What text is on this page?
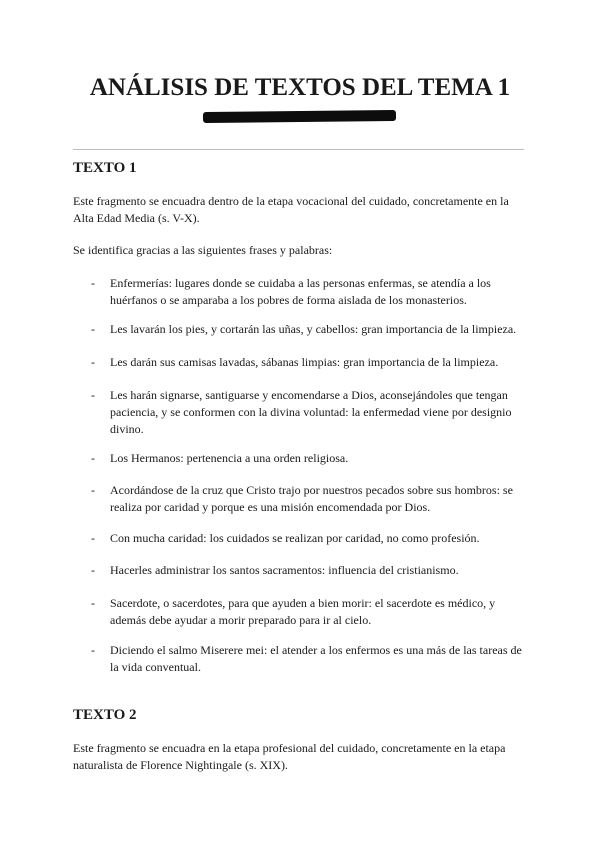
ANÁLISIS DE TEXTOS DEL TEMA 1
TEXTO 1

Este fragmento se encuadra dentro de la etapa vocacional del cuidado, concretamente en la Alta Edad Media (s. V-X).

Se identifica gracias a las siguientes frases y palabras:

- Enfermerías: lugares donde se cuidaba a las personas enfermas, se atendía a los huérfanos o se amparaba a los pobres de forma aislada de los monasterios.
- Les lavarán los pies, y cortarán las uñas, y cabellos: gran importancia de la limpieza.
- Les darán sus camisas lavadas, sábanas limpias: gran importancia de la limpieza.
- Les harán signarse, santiguarse y encomendarse a Dios, aconsejándoles que tengan paciencia, y se conformen con la divina voluntad: la enfermedad viene por designio divino.
- Los Hermanos: pertenencia a una orden religiosa.
- Acordándose de la cruz que Cristo trajo por nuestros pecados sobre sus hombros: se realiza por caridad y porque es una misión encomendada por Dios.
- Con mucha caridad: los cuidados se realizan por caridad, no como profesión.
- Hacerles administrar los santos sacramentos: influencia del cristianismo.
- Sacerdote, o sacerdotes, para que ayuden a bien morir: el sacerdote es médico, y además debe ayudar a morir preparado para ir al cielo.
- Diciendo el salmo Miserere mei: el atender a los enfermos es una más de las tareas de la vida conventual.
TEXTO 2

Este fragmento se encuadra en la etapa profesional del cuidado, concretamente en la etapa naturalista de Florence Nightingale (s. XIX).
